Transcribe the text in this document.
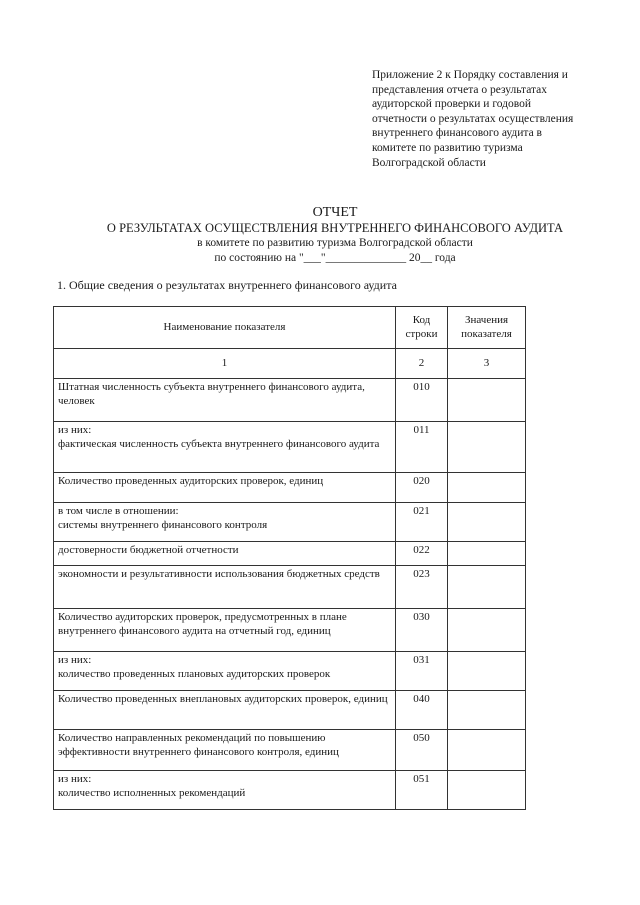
Приложение 2 к Порядку составления и
представления отчета о результатах
аудиторской проверки и годовой
отчетности о результатах осуществления
внутреннего финансового аудита в
комитете по развитию туризма
Волгоградской области
ОТЧЕТ
О РЕЗУЛЬТАТАХ ОСУЩЕСТВЛЕНИЯ ВНУТРЕННЕГО ФИНАНСОВОГО АУДИТА
в комитете по развитию туризма Волгоградской области
по состоянию на "___"______________ 20__ года
1. Общие сведения о результатах внутреннего финансового аудита
Наименование показателя	Код строки	Значения показателя
1	2	3
Штатная численность субъекта внутреннего финансового аудита, человек	010	
из них:
фактическая численность субъекта внутреннего финансового аудита	011	
Количество проведенных аудиторских проверок, единиц	020	
в том числе в отношении:
системы внутреннего финансового контроля	021	
достоверности бюджетной отчетности	022	
экономности и результативности использования бюджетных средств	023	
Количество аудиторских проверок, предусмотренных в плане внутреннего финансового аудита на отчетный год, единиц	030	
из них:
количество проведенных плановых аудиторских проверок	031	
Количество проведенных внеплановых аудиторских проверок, единиц	040	
Количество направленных рекомендаций по повышению эффективности внутреннего финансового контроля, единиц	050	
из них:
количество исполненных рекомендаций	051	
